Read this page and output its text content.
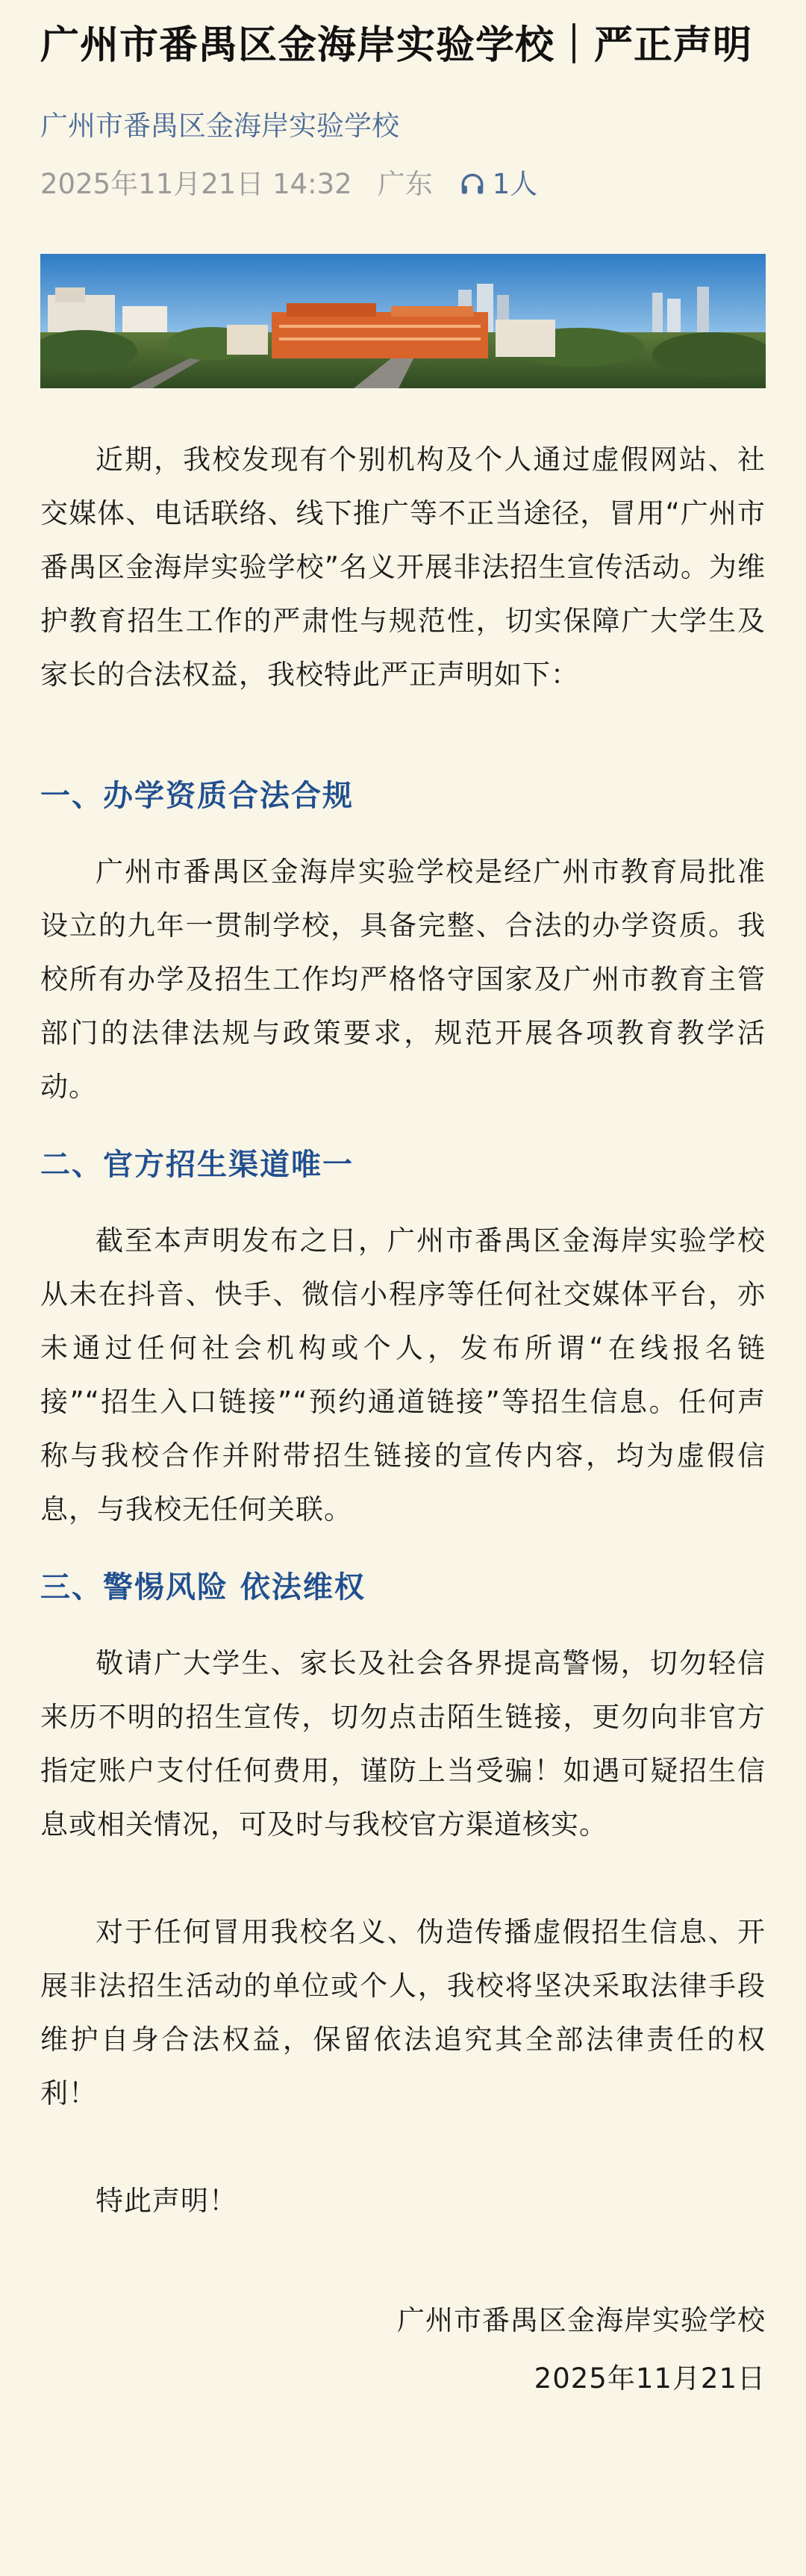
广州市番禺区金海岸实验学校｜严正声明
广州市番禺区金海岸实验学校
2025年11月21日 14:32 广东 1人

近期，我校发现有个别机构及个人通过虚假网站、社交媒体、电话联络、线下推广等不正当途径，冒用“广州市番禺区金海岸实验学校”名义开展非法招生宣传活动。为维护教育招生工作的严肃性与规范性，切实保障广大学生及家长的合法权益，我校特此严正声明如下：

一、办学资质合法合规

广州市番禺区金海岸实验学校是经广州市教育局批准设立的九年一贯制学校，具备完整、合法的办学资质。我校所有办学及招生工作均严格恪守国家及广州市教育主管部门的法律法规与政策要求，规范开展各项教育教学活动。

二、官方招生渠道唯一

截至本声明发布之日，广州市番禺区金海岸实验学校从未在抖音、快手、微信小程序等任何社交媒体平台，亦未通过任何社会机构或个人，发布所谓“在线报名链接”“招生入口链接”“预约通道链接”等招生信息。任何声称与我校合作并附带招生链接的宣传内容，均为虚假信息，与我校无任何关联。

三、警惕风险 依法维权

敬请广大学生、家长及社会各界提高警惕，切勿轻信来历不明的招生宣传，切勿点击陌生链接，更勿向非官方指定账户支付任何费用，谨防上当受骗！如遇可疑招生信息或相关情况，可及时与我校官方渠道核实。

对于任何冒用我校名义、伪造传播虚假招生信息、开展非法招生活动的单位或个人，我校将坚决采取法律手段维护自身合法权益，保留依法追究其全部法律责任的权利！

特此声明！

广州市番禺区金海岸实验学校
2025年11月21日
